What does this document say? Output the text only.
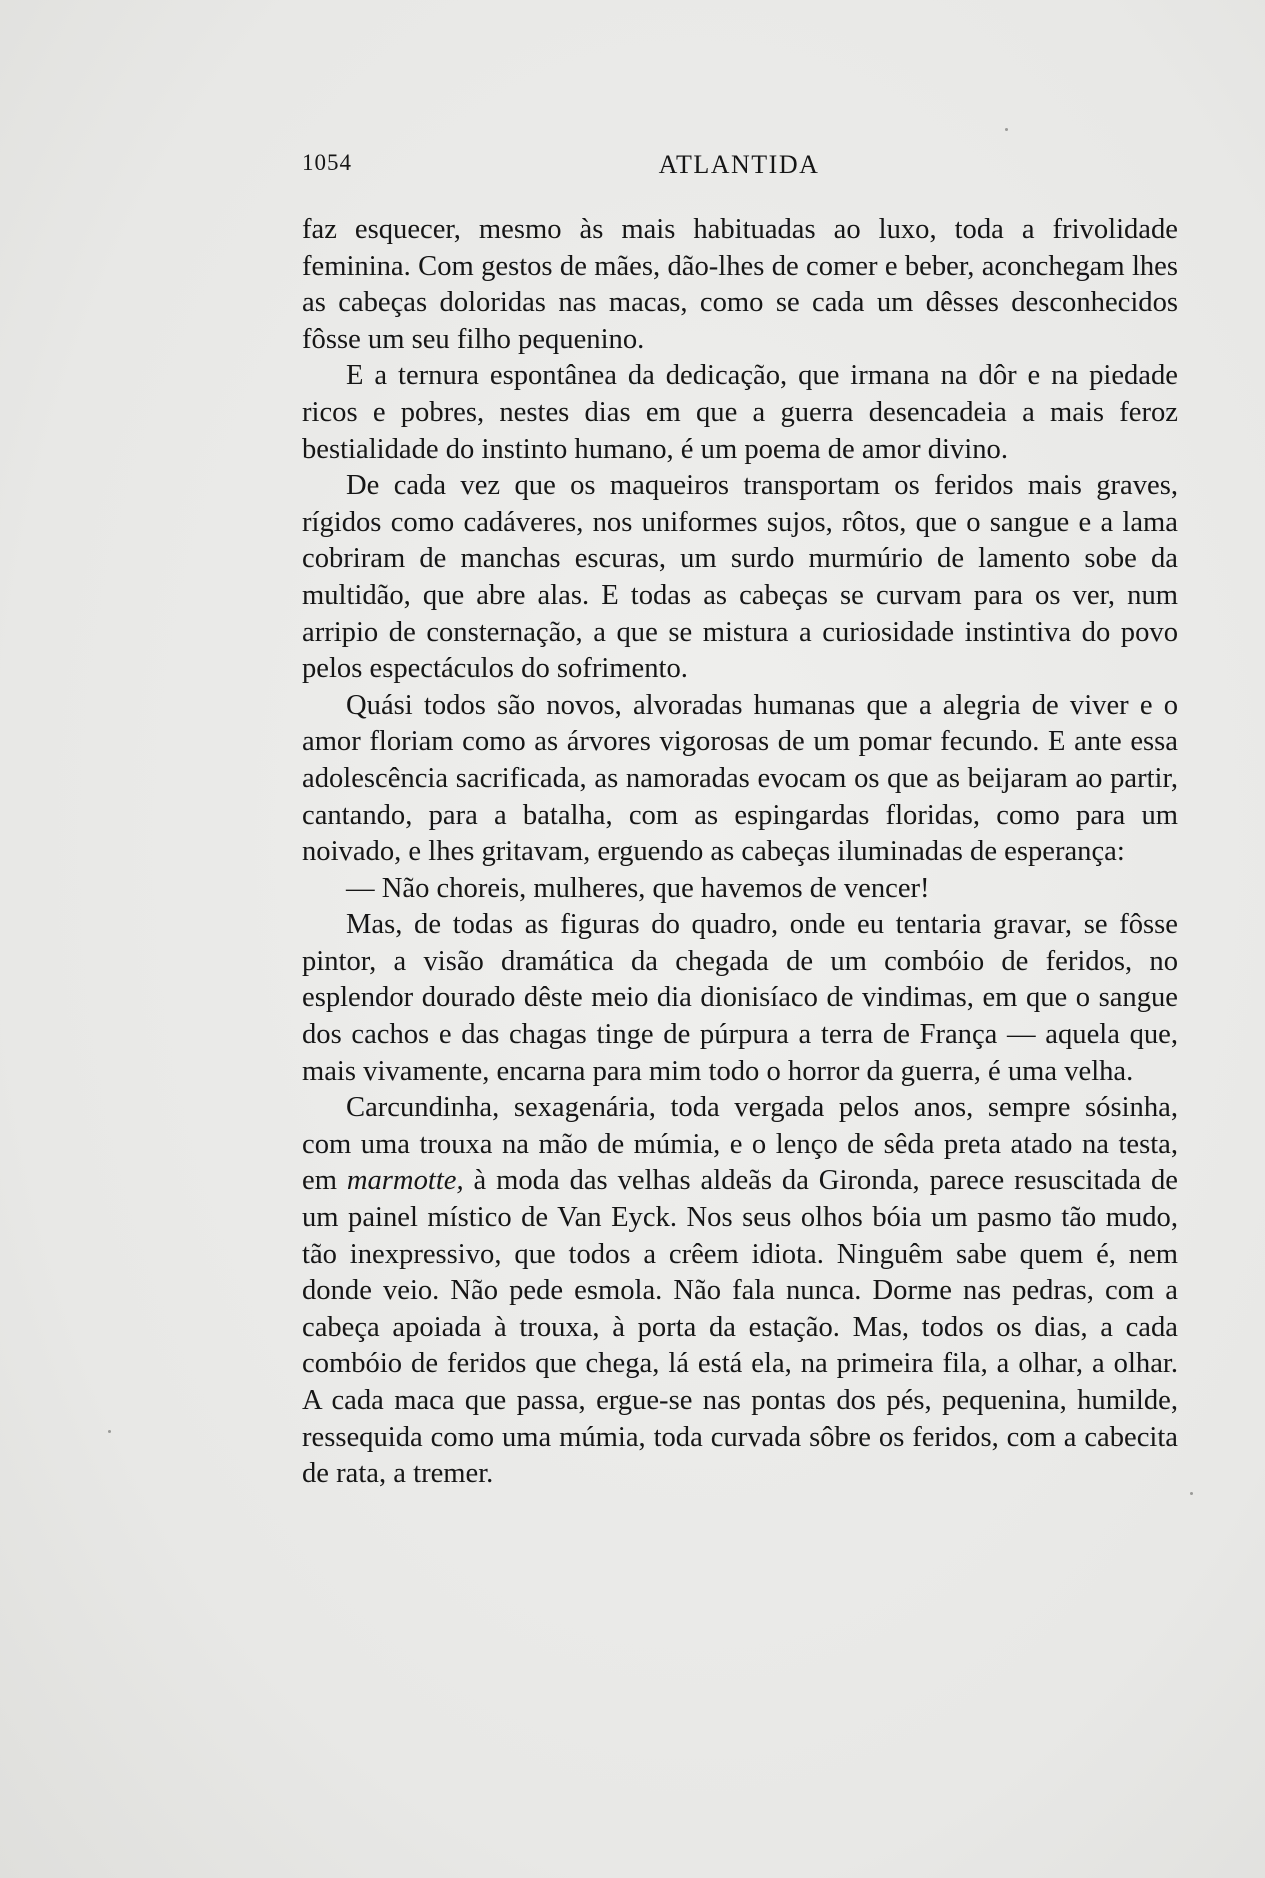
1054	ATLANTIDA

faz esquecer, mesmo às mais habituadas ao luxo, toda a frivolidade feminina. Com gestos de mães, dão-lhes de comer e beber, aconchegam lhes as cabeças doloridas nas macas, como se cada um dêsses desconhecidos fôsse um seu filho pequenino.

E a ternura espontânea da dedicação, que irmana na dôr e na piedade ricos e pobres, nestes dias em que a guerra desencadeia a mais feroz bestialidade do instinto humano, é um poema de amor divino.

De cada vez que os maqueiros transportam os feridos mais graves, rígidos como cadáveres, nos uniformes sujos, rôtos, que o sangue e a lama cobriram de manchas escuras, um surdo murmúrio de lamento sobe da multidão, que abre alas. E todas as cabeças se curvam para os ver, num arripio de consternação, a que se mistura a curiosidade instintiva do povo pelos espectáculos do sofrimento.

Quási todos são novos, alvoradas humanas que a alegria de viver e o amor floriam como as árvores vigorosas de um pomar fecundo. E ante essa adolescência sacrificada, as namoradas evocam os que as beijaram ao partir, cantando, para a batalha, com as espingardas floridas, como para um noivado, e lhes gritavam, erguendo as cabeças iluminadas de esperança:

— Não choreis, mulheres, que havemos de vencer!

Mas, de todas as figuras do quadro, onde eu tentaria gravar, se fôsse pintor, a visão dramática da chegada de um combóio de feridos, no esplendor dourado dêste meio dia dionisíaco de vindimas, em que o sangue dos cachos e das chagas tinge de púrpura a terra de França — aquela que, mais vivamente, encarna para mim todo o horror da guerra, é uma velha.

Carcundinha, sexagenária, toda vergada pelos anos, sempre sósinha, com uma trouxa na mão de múmia, e o lenço de sêda preta atado na testa, em marmotte, à moda das velhas aldeãs da Gironda, parece resuscitada de um painel místico de Van Eyck. Nos seus olhos bóia um pasmo tão mudo, tão inexpressivo, que todos a crêem idiota. Ninguêm sabe quem é, nem donde veio. Não pede esmola. Não fala nunca. Dorme nas pedras, com a cabeça apoiada à trouxa, à porta da estação. Mas, todos os dias, a cada combóio de feridos que chega, lá está ela, na primeira fila, a olhar, a olhar. A cada maca que passa, ergue-se nas pontas dos pés, pequenina, humilde, ressequida como uma múmia, toda curvada sôbre os feridos, com a cabecita de rata, a tremer.
